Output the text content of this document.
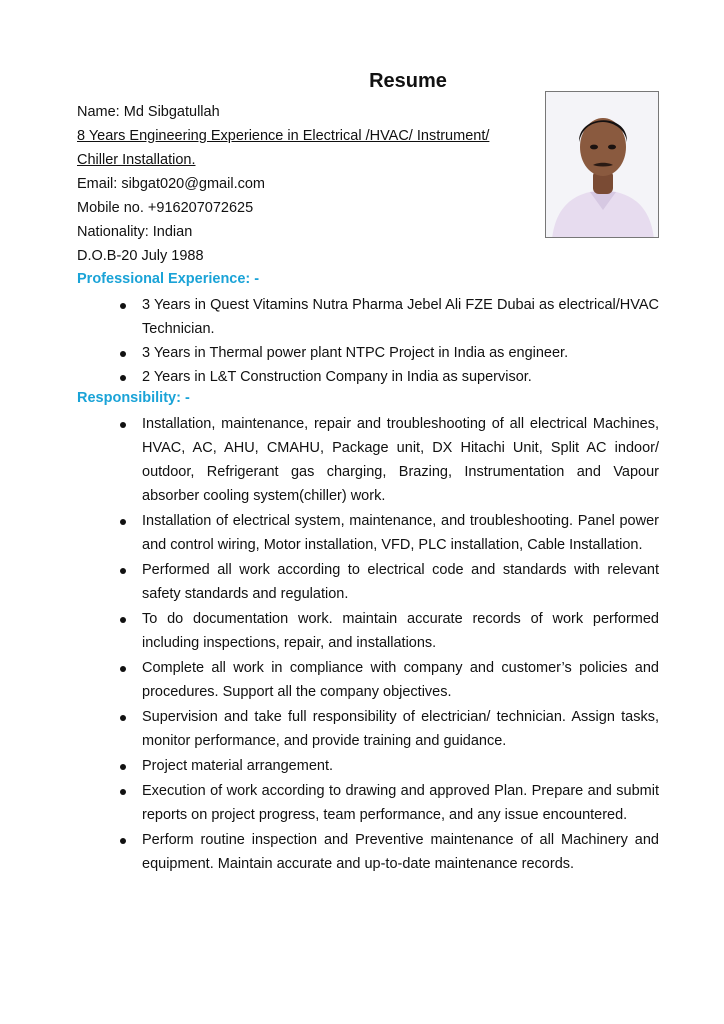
Resume
Name: Md Sibgatullah
8 Years Engineering Experience in Electrical /HVAC/ Instrument/
Chiller Installation.
Email: sibgat020@gmail.com
Mobile no. +916207072625
Nationality: Indian
D.O.B-20 July 1988
Professional Experience: -
3 Years in Quest Vitamins Nutra Pharma Jebel Ali FZE Dubai as electrical/HVAC Technician.
3 Years in Thermal power plant NTPC Project in India as engineer.
2 Years in L&T Construction Company in India as supervisor.
Responsibility: -
Installation, maintenance, repair and troubleshooting of all electrical Machines, HVAC, AC, AHU, CMAHU, Package unit, DX Hitachi Unit, Split AC indoor/ outdoor, Refrigerant gas charging, Brazing, Instrumentation and Vapour absorber cooling system(chiller) work.
Installation of electrical system, maintenance, and troubleshooting. Panel power and control wiring, Motor installation, VFD, PLC installation, Cable Installation.
Performed all work according to electrical code and standards with relevant safety standards and regulation.
To do documentation work. maintain accurate records of work performed including inspections, repair, and installations.
Complete all work in compliance with company and customer’s policies and procedures. Support all the company objectives.
Supervision and take full responsibility of electrician/ technician. Assign tasks, monitor performance, and provide training and guidance.
Project material arrangement.
Execution of work according to drawing and approved Plan. Prepare and submit reports on project progress, team performance, and any issue encountered.
Perform routine inspection and Preventive maintenance of all Machinery and equipment. Maintain accurate and up-to-date maintenance records.
